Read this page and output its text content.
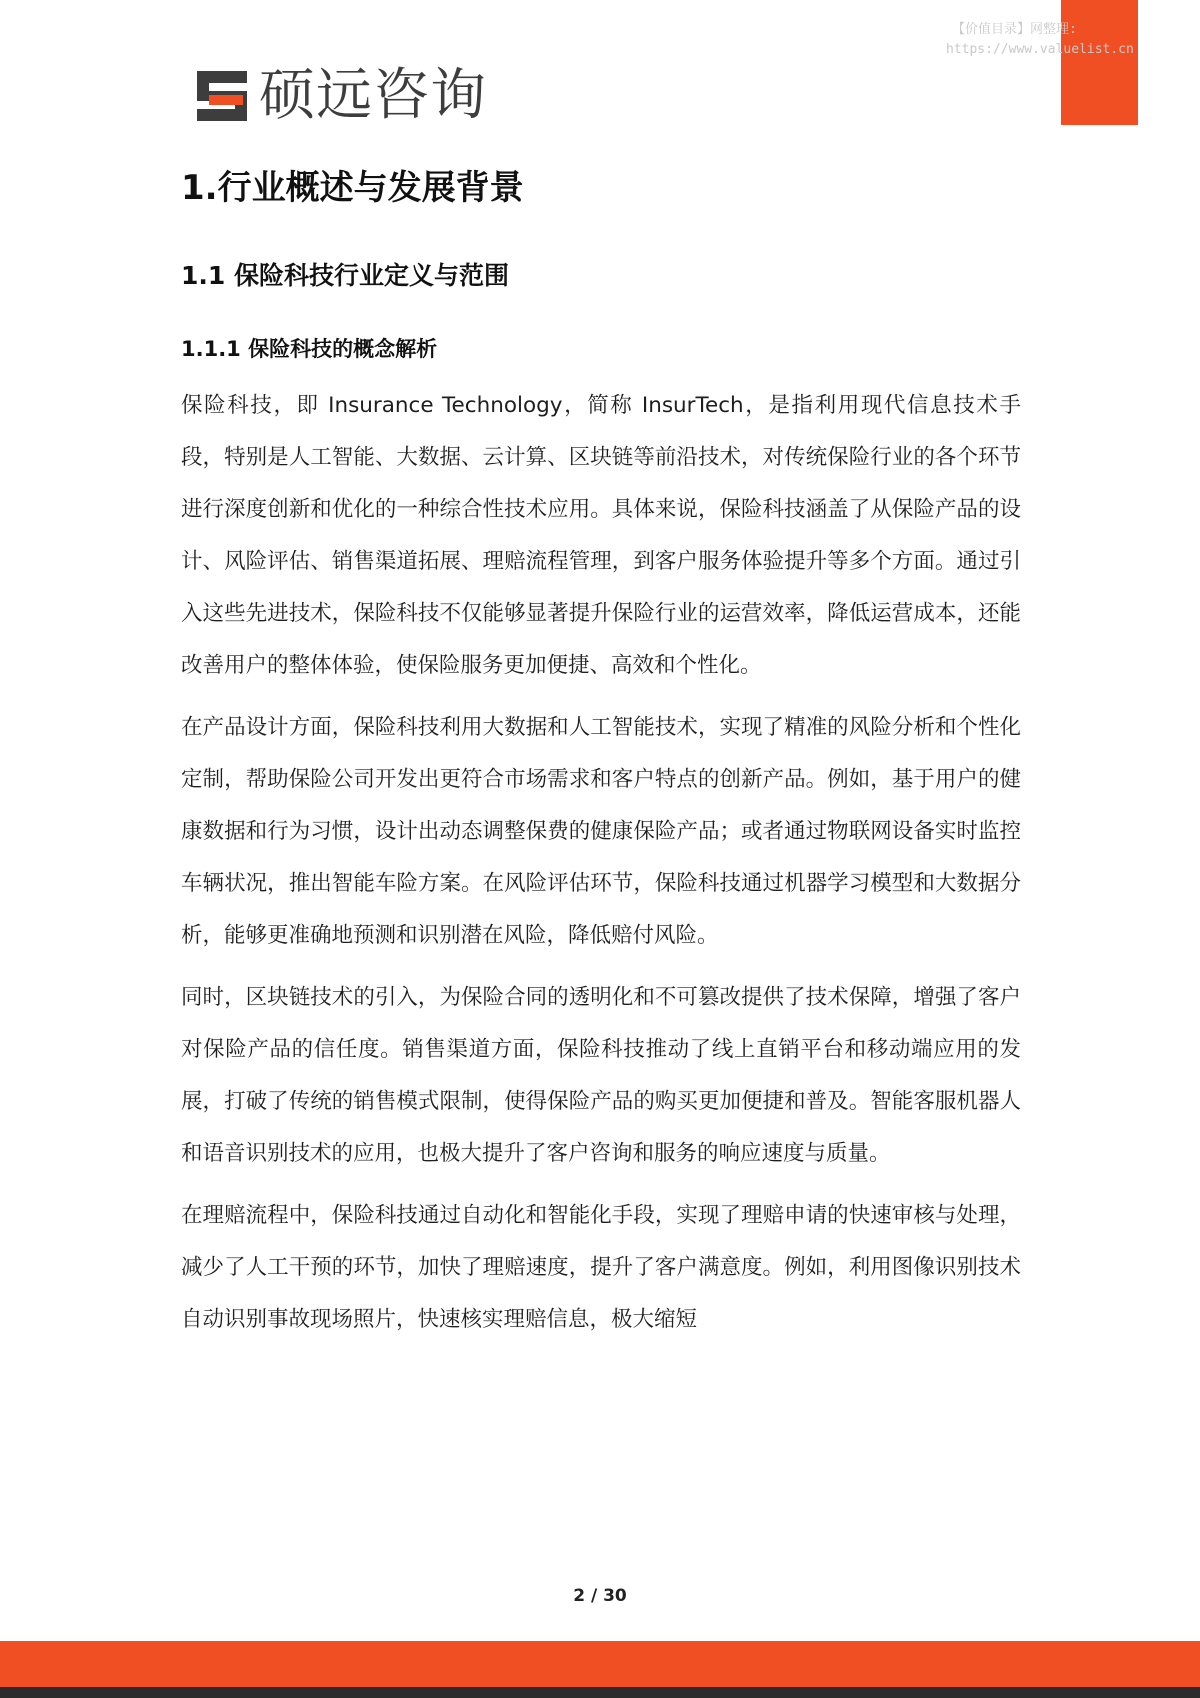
【价值目录】网整理:
https://www.valuelist.cn
硕远咨询
1.行业概述与发展背景
1.1 保险科技行业定义与范围
1.1.1 保险科技的概念解析

保险科技，即 Insurance Technology，简称 InsurTech，是指利用现代信息技术手段，特别是人工智能、大数据、云计算、区块链等前沿技术，对传统保险行业的各个环节进行深度创新和优化的一种综合性技术应用。具体来说，保险科技涵盖了从保险产品的设计、风险评估、销售渠道拓展、理赔流程管理，到客户服务体验提升等多个方面。通过引入这些先进技术，保险科技不仅能够显著提升保险行业的运营效率，降低运营成本，还能改善用户的整体体验，使保险服务更加便捷、高效和个性化。

在产品设计方面，保险科技利用大数据和人工智能技术，实现了精准的风险分析和个性化定制，帮助保险公司开发出更符合市场需求和客户特点的创新产品。例如，基于用户的健康数据和行为习惯，设计出动态调整保费的健康保险产品；或者通过物联网设备实时监控车辆状况，推出智能车险方案。在风险评估环节，保险科技通过机器学习模型和大数据分析，能够更准确地预测和识别潜在风险，降低赔付风险。

同时，区块链技术的引入，为保险合同的透明化和不可篡改提供了技术保障，增强了客户对保险产品的信任度。销售渠道方面，保险科技推动了线上直销平台和移动端应用的发展，打破了传统的销售模式限制，使得保险产品的购买更加便捷和普及。智能客服机器人和语音识别技术的应用，也极大提升了客户咨询和服务的响应速度与质量。

在理赔流程中，保险科技通过自动化和智能化手段，实现了理赔申请的快速审核与处理，减少了人工干预的环节，加快了理赔速度，提升了客户满意度。例如，利用图像识别技术自动识别事故现场照片，快速核实理赔信息，极大缩短

2 / 30
